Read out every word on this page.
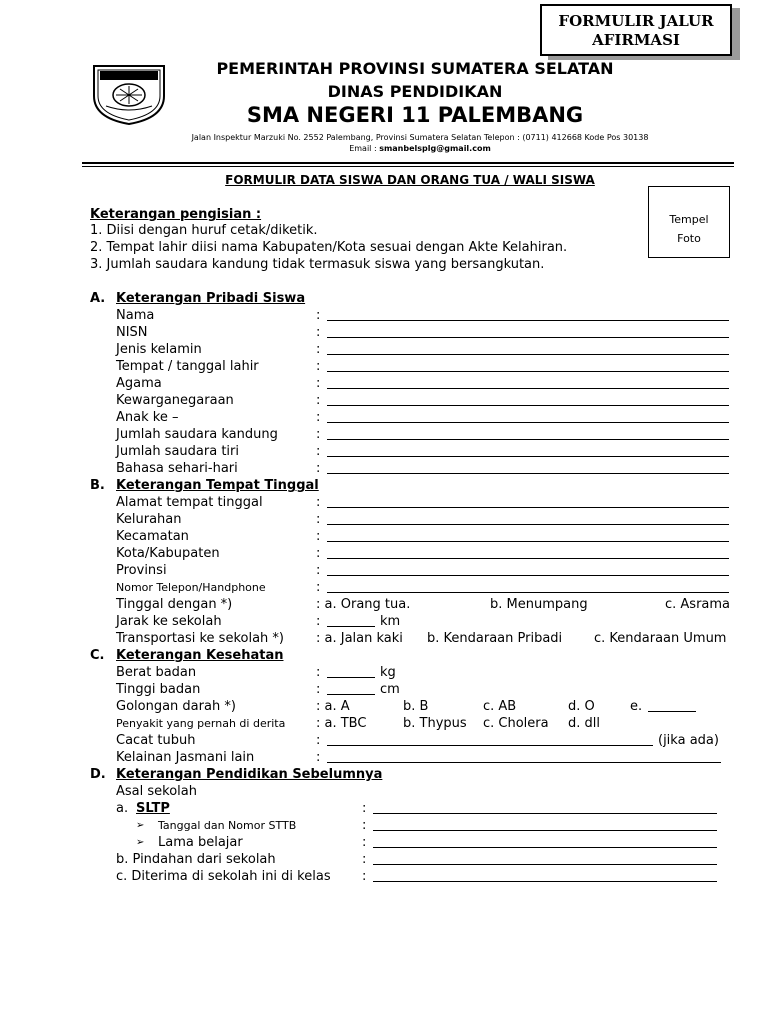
FORMULIR JALUR
AFIRMASI
PEMERINTAH PROVINSI SUMATERA SELATAN
DINAS PENDIDIKAN
SMA NEGERI 11 PALEMBANG
Jalan Inspektur Marzuki No. 2552 Palembang, Provinsi Sumatera Selatan Telepon : (0711) 412668 Kode Pos 30138
Email : smanbelsplg@gmail.com
FORMULIR DATA SISWA DAN ORANG TUA / WALI SISWA
Tempel
Foto
Keterangan pengisian :
1. Diisi dengan huruf cetak/diketik.
2. Tempat lahir diisi nama Kabupaten/Kota sesuai dengan Akte Kelahiran.
3. Jumlah saudara kandung tidak termasuk siswa yang bersangkutan.
A. Keterangan Pribadi Siswa
Nama	:
NISN	:
Jenis kelamin	:
Tempat / tanggal lahir	:
Agama	:
Kewarganegaraan	:
Anak ke –	:
Jumlah saudara kandung	:
Jumlah saudara tiri	:
Bahasa sehari-hari	:
B. Keterangan Tempat Tinggal
Alamat tempat tinggal	:
Kelurahan	:
Kecamatan	:
Kota/Kabupaten	:
Provinsi	:
Nomor Telepon/Handphone	:
Tinggal dengan *)	: a. Orang tua.	b. Menumpang	c. Asrama
Jarak ke sekolah	:	km
Transportasi ke sekolah *) : a. Jalan kaki b. Kendaraan Pribadi c. Kendaraan Umum
C. Keterangan Kesehatan
Berat badan	:	kg
Tinggi badan	:	cm
Golongan darah *)	: a. A	b. B	c. AB	d. O	e.
Penyakit yang pernah di derita : a. TBC	b. Thypus c. Cholera d. dll
Cacat tubuh	:	(jika ada)
Kelainan Jasmani lain	:
D. Keterangan Pendidikan Sebelumnya
Asal sekolah
a. SLTP	:
➢ Tanggal dan Nomor STTB	:
➢ Lama belajar	:
b. Pindahan dari sekolah	:
c. Diterima di sekolah ini di kelas :
